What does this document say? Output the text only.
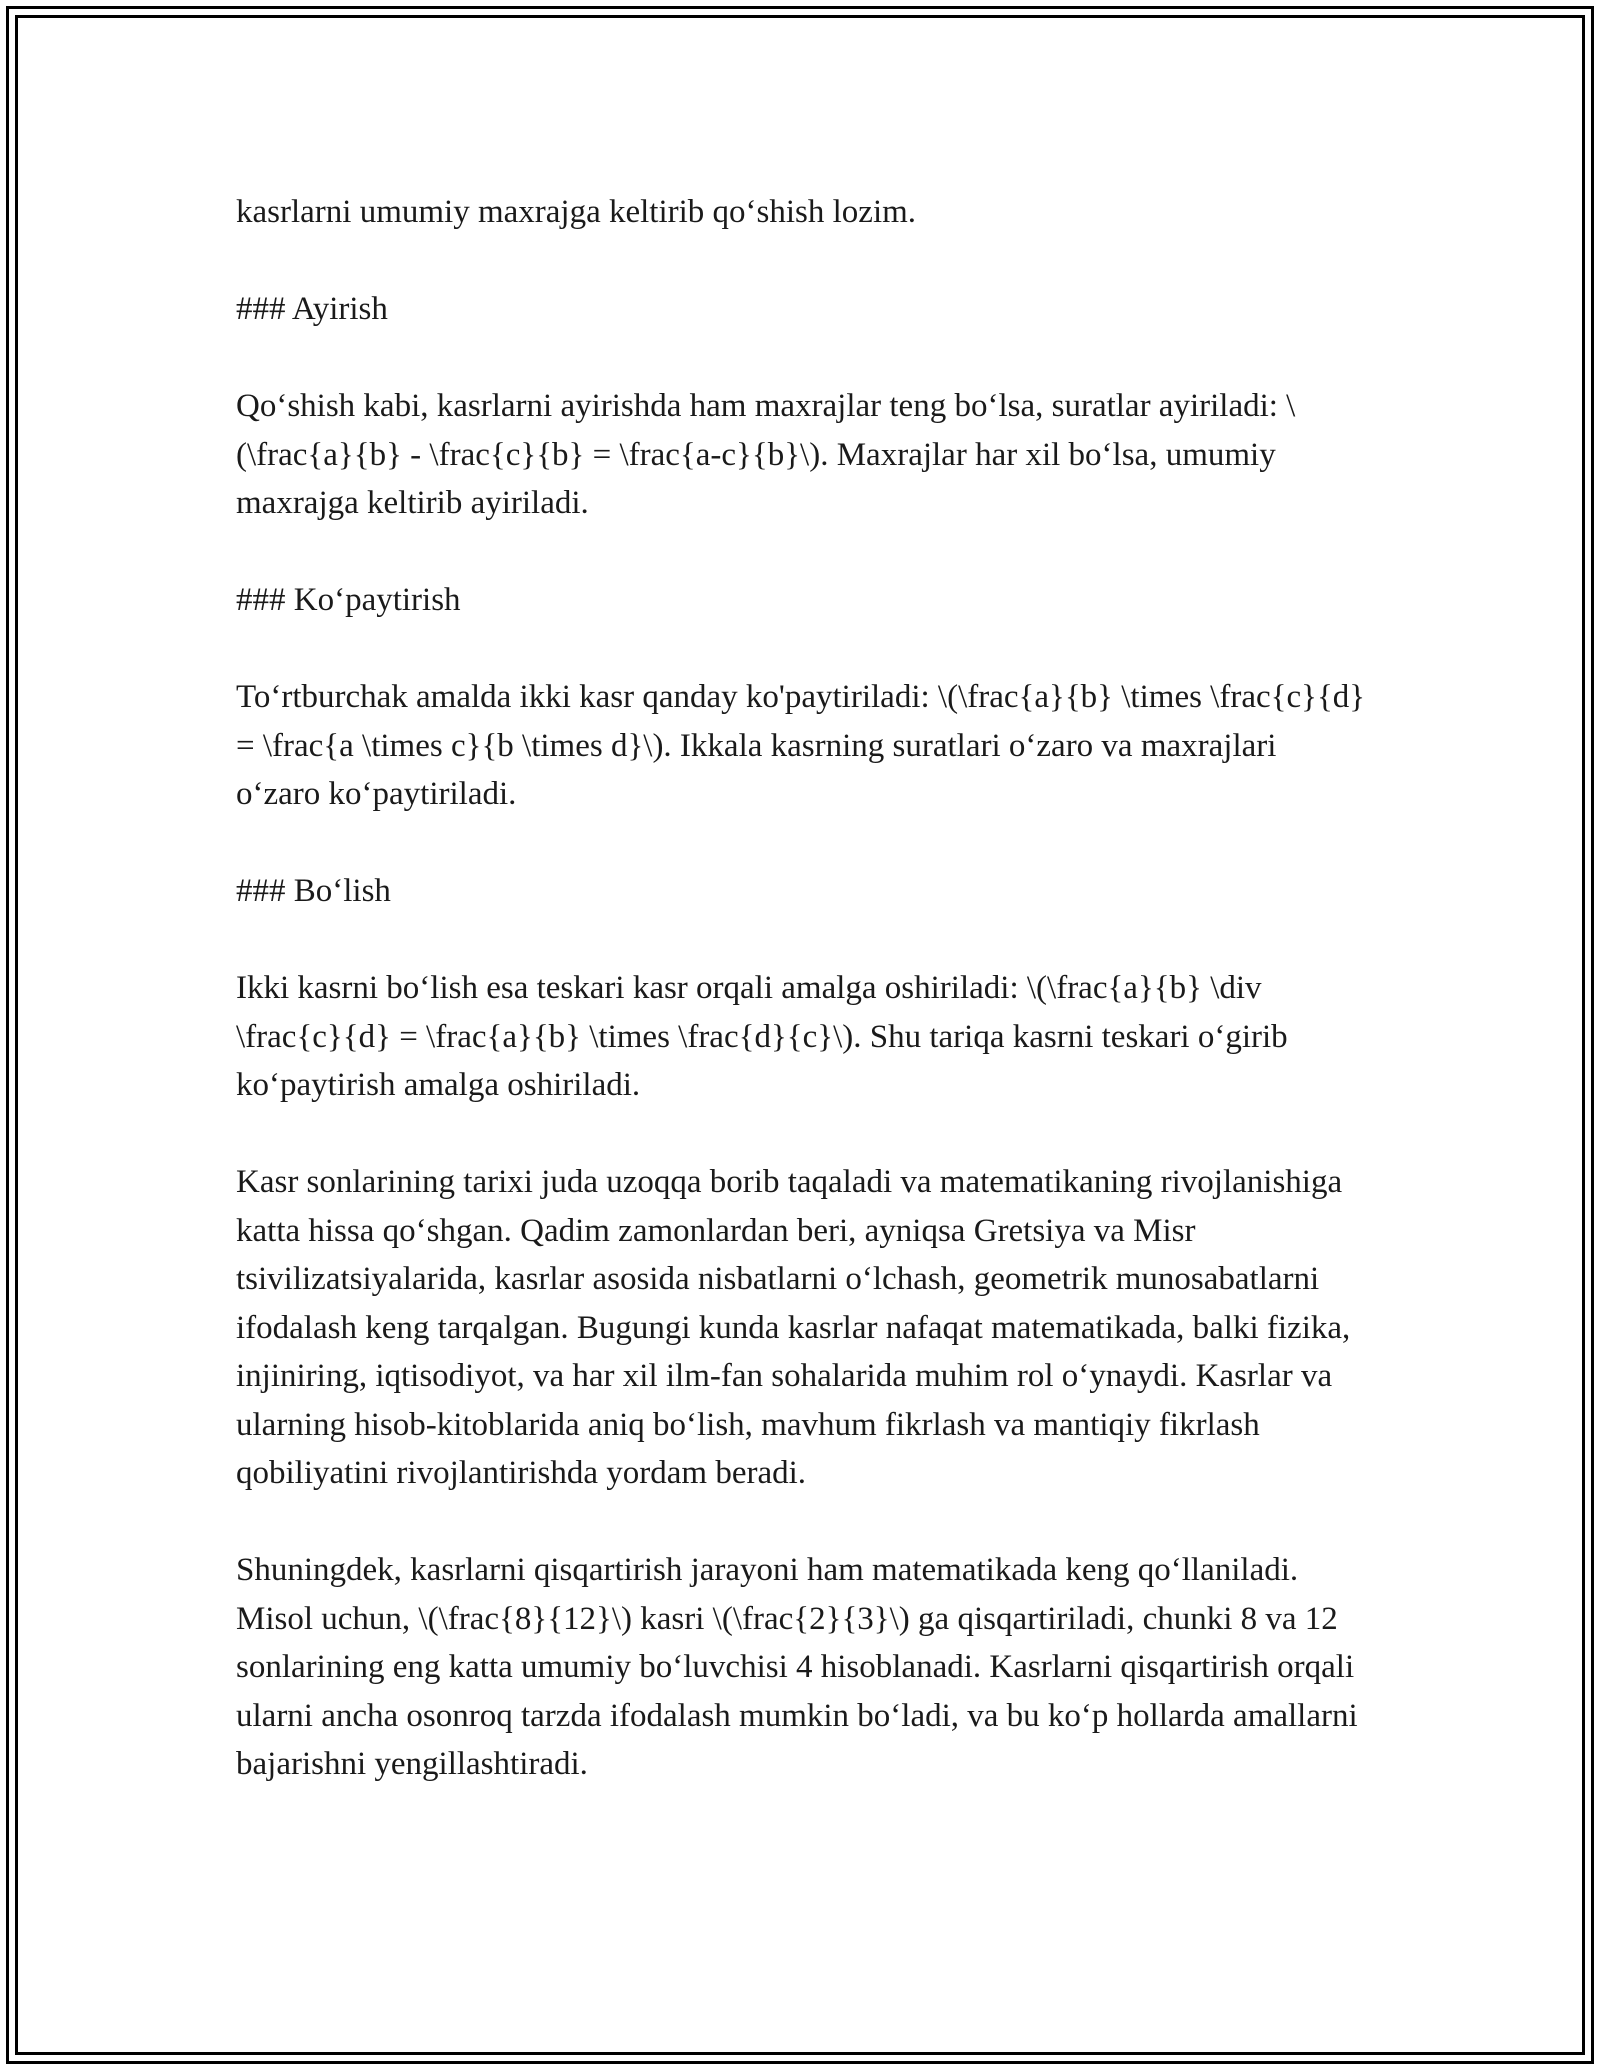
kasrlarni umumiy maxrajga keltirib qo‘shish lozim.

### Ayirish

Qo‘shish kabi, kasrlarni ayirishda ham maxrajlar teng bo‘lsa, suratlar ayiriladi: \(\frac{a}{b} - \frac{c}{b} = \frac{a-c}{b}\). Maxrajlar har xil bo‘lsa, umumiy maxrajga keltirib ayiriladi.

### Ko‘paytirish

To‘rtburchak amalda ikki kasr qanday ko'paytiriladi: \(\frac{a}{b} \times \frac{c}{d} = \frac{a \times c}{b \times d}\). Ikkala kasrning suratlari o‘zaro va maxrajlari o‘zaro ko‘paytiriladi.

### Bo‘lish

Ikki kasrni bo‘lish esa teskari kasr orqali amalga oshiriladi: \(\frac{a}{b} \div \frac{c}{d} = \frac{a}{b} \times \frac{d}{c}\). Shu tariqa kasrni teskari o‘girib ko‘paytirish amalga oshiriladi.

Kasr sonlarining tarixi juda uzoqqa borib taqaladi va matematikaning rivojlanishiga katta hissa qo‘shgan. Qadim zamonlardan beri, ayniqsa Gretsiya va Misr tsivilizatsiyalarida, kasrlar asosida nisbatlarni o‘lchash, geometrik munosabatlarni ifodalash keng tarqalgan. Bugungi kunda kasrlar nafaqat matematikada, balki fizika, injiniring, iqtisodiyot, va har xil ilm-fan sohalarida muhim rol o‘ynaydi. Kasrlar va ularning hisob-kitoblarida aniq bo‘lish, mavhum fikrlash va mantiqiy fikrlash qobiliyatini rivojlantirishda yordam beradi.

Shuningdek, kasrlarni qisqartirish jarayoni ham matematikada keng qo‘llaniladi. Misol uchun, \(\frac{8}{12}\) kasri \(\frac{2}{3}\) ga qisqartiriladi, chunki 8 va 12 sonlarining eng katta umumiy bo‘luvchisi 4 hisoblanadi. Kasrlarni qisqartirish orqali ularni ancha osonroq tarzda ifodalash mumkin bo‘ladi, va bu ko‘p hollarda amallarni bajarishni yengillashtiradi.
